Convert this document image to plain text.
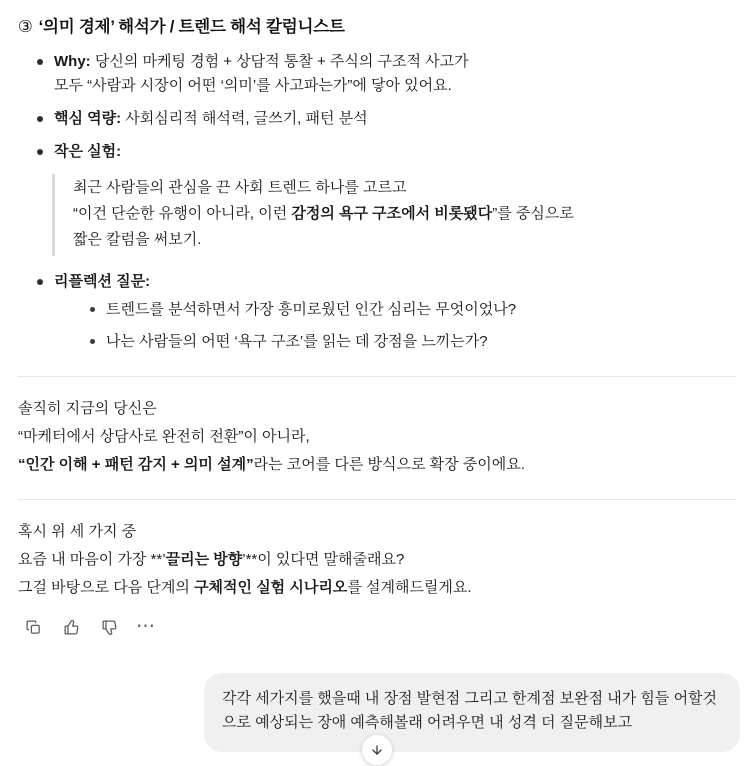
③ ‘의미 경제’ 해석가 / 트렌드 해석 칼럼니스트
Why: 당신의 마케팅 경험 + 상담적 통찰 + 주식의 구조적 사고가
모두 “사람과 시장이 어떤 ‘의미’를 사고파는가”에 닿아 있어요.
핵심 역량: 사회심리적 해석력, 글쓰기, 패턴 분석
작은 실험:
최근 사람들의 관심을 끈 사회 트렌드 하나를 고르고
“이건 단순한 유행이 아니라, 이런 감정의 욕구 구조에서 비롯됐다”를 중심으로
짧은 칼럼을 써보기.
리플렉션 질문:
트렌드를 분석하면서 가장 흥미로웠던 인간 심리는 무엇이었나?
나는 사람들의 어떤 ‘욕구 구조’를 읽는 데 강점을 느끼는가?

솔직히 지금의 당신은

“마케터에서 상담사로 완전히 전환”이 아니라,

“인간 이해 + 패턴 감지 + 의미 설계”라는 코어를 다른 방식으로 확장 중이에요.

혹시 위 세 가지 중

요즘 내 마음이 가장 **’끌리는 방향’**이 있다면 말해줄래요?

그걸 바탕으로 다음 단계의 구체적인 실험 시나리오를 설계해드릴게요.

⋯
각각 세가지를 했을때 내 장점 발현점 그리고 한계점 보완점 내가 힘들 어할것으로 예상되는 장애 예측해볼래 어려우면 내 성격 더 질문해보고
